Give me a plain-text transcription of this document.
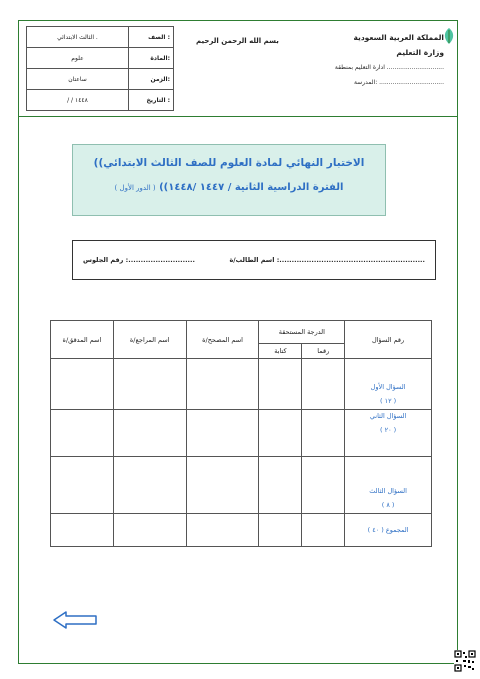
الثالث الابتدائي .	الصف :
علوم	المادة:
ساعتان	الزمن:
/ / ١٤٤٨	التاريخ :
بسم الله الرحمن الرحيم	المملكة العربية السعودية
وزارة التعليم
ادارة التعليم بمنطقة ..............................
المدرسة: ..................................
((الاختبار النهائي لمادة العلوم للصف الثالث الابتدائي
الفترة الدراسية الثانية / ١٤٤٧ /١٤٤٨)) ( الدور الأول )
اسم الطالب/ة :...........................................................
رقم الجلوس :...........................
اسم المدقق/ة	اسم المراجع/ة	اسم المصحح/ة	الدرجة المستحقة		رقم السؤال
			كتابة	رقما	

					السؤال الأول
( ١٢ )

					السؤال الثاني
( ٢٠ )

					السؤال الثالث
( ٨ )

					المجموع ( ٤٠ )
